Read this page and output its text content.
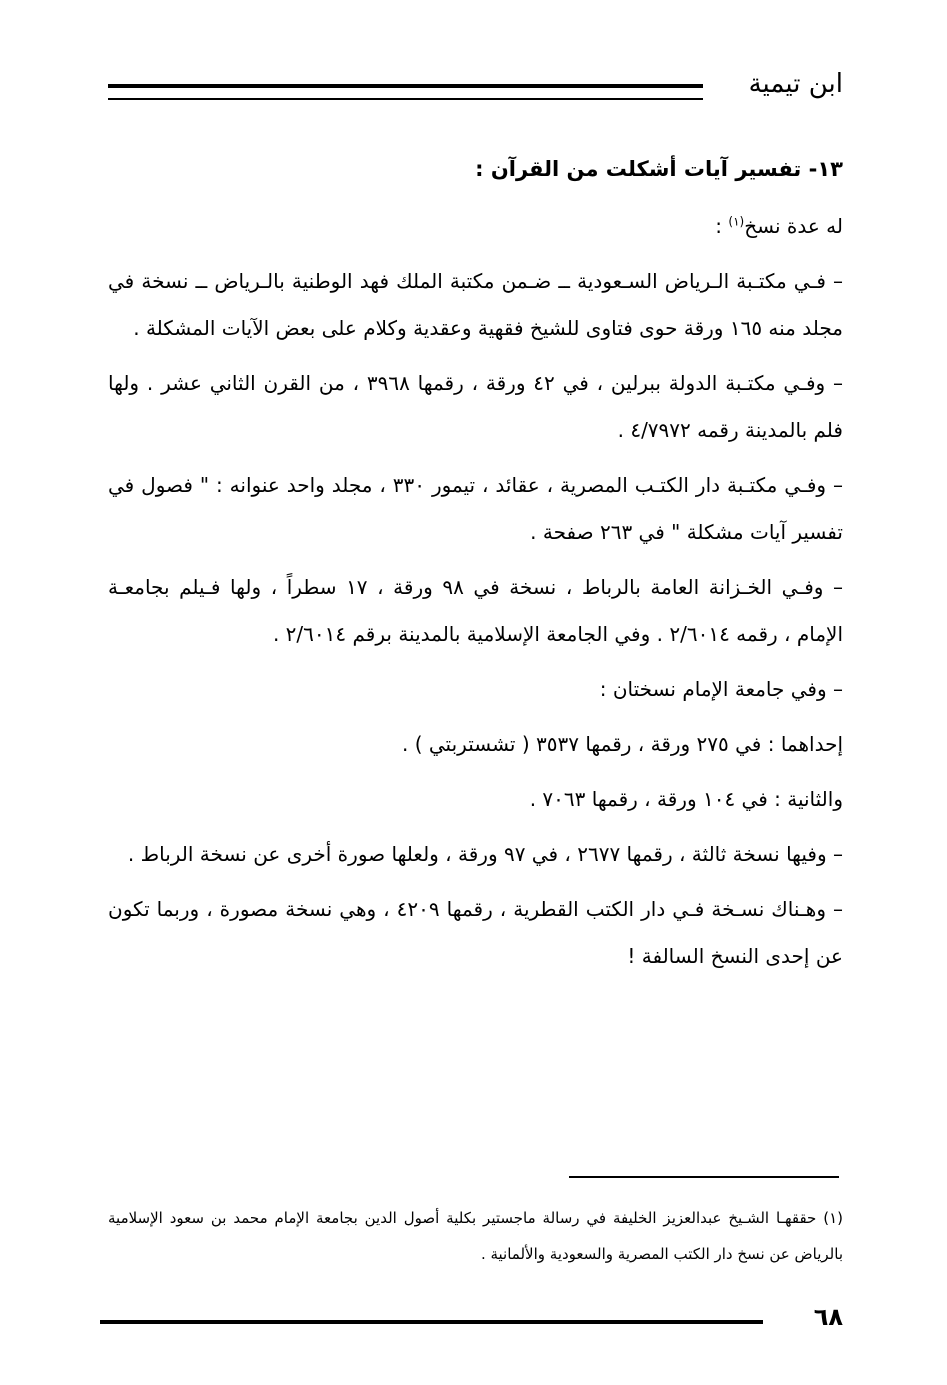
ابن تيمية

١٣- تفسير آيات أشكلت من القرآن :

له عدة نسخ$^{(١)}$ :

– فـي مكتـبة الـرياض السـعودية ــ ضـمن مكتبة الملك فهد الوطنية بالـرياض ــ نسخة في مجلد منه ١٦٥ ورقة حوى فتاوى للشيخ فقهية وعقدية وكلام على بعض الآيات المشكلة .

– وفـي مكتـبة الدولة ببرلين ، في ٤٢ ورقة ، رقمها ٣٩٦٨ ، من القرن الثاني عشر . ولها فلم بالمدينة رقمه ٤/٧٩٧٢ .

– وفـي مكتـبة دار الكتـب المصرية ، عقائد ، تيمور ٣٣٠ ، مجلد واحد عنوانه : " فصول في تفسير آيات مشكلة " في ٢٦٣ صفحة .

– وفـي الخـزانة العامة بالرباط ، نسخة في ٩٨ ورقة ، ١٧ سطراً ، ولها فـيلم بجامعـة الإمام ، رقمه ٢/٦٠١٤ . وفي الجامعة الإسلامية بالمدينة برقم ٢/٦٠١٤ .

– وفي جامعة الإمام نسختان :

إحداهما : في ٢٧٥ ورقة ، رقمها ٣٥٣٧ ( تشستربتي ) .

والثانية : في ١٠٤ ورقة ، رقمها ٧٠٦٣ .

– وفيها نسخة ثالثة ، رقمها ٢٦٧٧ ، في ٩٧ ورقة ، ولعلها صورة أخرى عن نسخة الرباط .

– وهـناك نسـخة فـي دار الكتب القطرية ، رقمها ٤٢٠٩ ، وهي نسخة مصورة ، وربما تكون عن إحدى النسخ السالفة !

(١) حققهـا الشـيخ عبدالعزيز الخليفة في رسالة ماجستير بكلية أصول الدين بجامعة الإمام محمد بن سعود الإسلامية بالرياض عن نسخ دار الكتب المصرية والسعودية والألمانية .

٦٨
